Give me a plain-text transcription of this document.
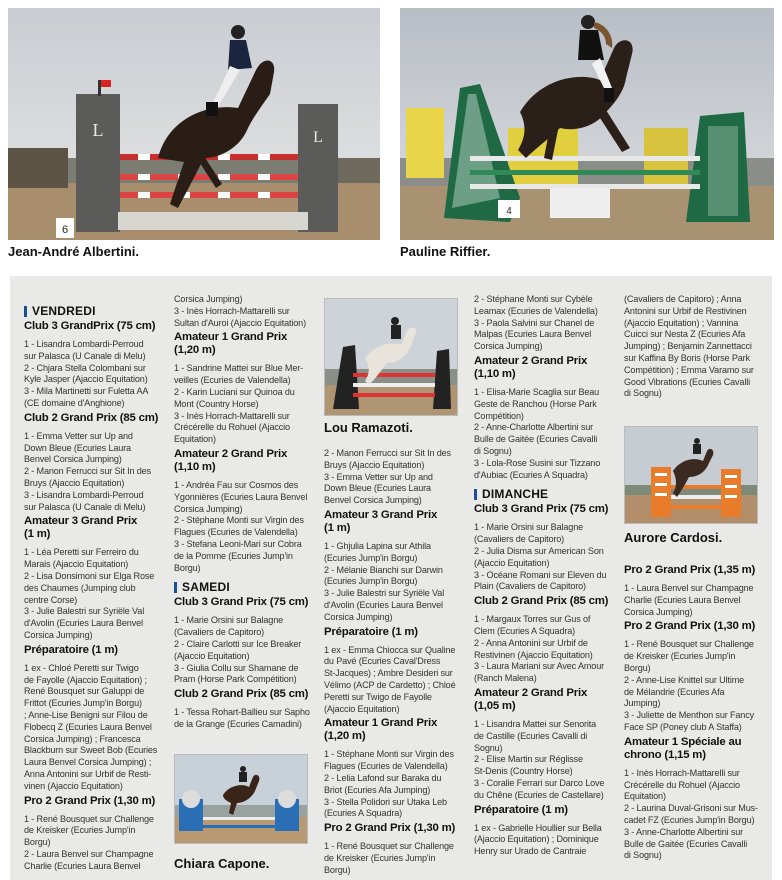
L	L
6
Jean-André Albertini.
4
Pauline Riffier.
VENDREDI

Club 3 GrandPrix (75 cm)

1 - Lisandra Lombardi-Perroud

sur Palasca (U Canale di Melu)

2 - Chjara Stella Colombani sur

Kyle Jasper (Ajaccio Equitation)

3 - Mila Martinetti sur Fuletta AA

(CE domaine d'Anghione)

Club 2 Grand Prix (85 cm)

1 - Emma Vetter sur Up and

Down Bleue (Ecuries Laura

Benvel Corsica Jumping)

2 - Manon Ferrucci sur Sit In des

Bruys (Ajaccio Equitation)

3 - Lisandra Lombardi-Perroud

sur Palasca (U Canale di Melu)

Amateur 3 Grand Prix

(1 m)

1 - Léa Peretti sur Ferreiro du

Marais (Ajaccio Equitation)

2 - Lisa Donsimoni sur Elga Rose

des Chaumes (Jumping club

centre Corse)

3 - Julie Balestri sur Syriële Val

d'Avolin (Ecuries Laura Benvel

Corsica Jumping)

Préparatoire (1 m)

1 ex - Chloé Peretti sur Twigo

de Fayolle (Ajaccio Equitation) ;

René Bousquet sur Galuppi de

Frittot (Ecuries Jump'in Borgu)

; Anne-Lise Benigni sur Filou de

Flobecq Z (Ecuries Laura Benvel

Corsica Jumping) ; Francesca

Blackburn sur Sweet Bob (Ecuries

Laura Benvel Corsica Jumping) ;

Anna Antonini sur Urbif de Resti-

vinen (Ajaccio Equitation)

Pro 2 Grand Prix (1,30 m)

1 - René Bousquet sur Challenge

de Kreisker (Ecuries Jump'in Borgu)

2 - Laura Benvel sur Champagne

Charlie (Ecuries Laura Benvel

Corsica Jumping)

3 - Inès Horrach-Mattarelli sur

Sultan d'Auroi (Ajaccio Equitation)

Amateur 1 Grand Prix

(1,20 m)

1 - Sandrine Mattei sur Blue Mer-

veilles (Ecuries de Valendella)

2 - Karin Luciani sur Quinoa du

Mont (Country Horse)

3 - Inès Horrach-Mattarelli sur

Crécérelle du Rohuel (Ajaccio

Equitation)

Amateur 2 Grand Prix

(1,10 m)

1 - Andréa Fau sur Cosmos des

Ygonnières (Ecuries Laura Benvel

Corsica Jumping)

2 - Stéphane Monti sur Virgin des

Flagues (Ecuries de Valendella)

3 - Stefana Leoni-Mari sur Cobra

de la Pomme (Ecuries Jump'in

Borgu)

SAMEDI

Club 3 Grand Prix (75 cm)

1 - Marie Orsini sur Balagne

(Cavaliers de Capitoro)

2 - Claire Carlotti sur Ice Breaker

(Ajaccio Equitation)

3 - Giulia Collu sur Shamane de

Pram (Horse Park Compétition)

Club 2 Grand Prix (85 cm)

1 - Tessa Rohart-Ballieu sur Sapho

de la Grange (Ecuries Camadini)

Chiara Capone.
Lou Ramazoti.

2 - Manon Ferrucci sur Sit In des

Bruys (Ajaccio Equitation)

3 - Emma Vetter sur Up and

Down Bleue (Ecuries Laura

Benvel Corsica Jumping)

Amateur 3 Grand Prix

(1 m)

1 - Ghjulia Lapina sur Athila

(Ecuries Jump'in Borgu)

2 - Mélanie Bianchi sur Darwin

(Ecuries Jump'in Borgu)

3 - Julie Balestri sur Syriële Val

d'Avolin (Ecuries Laura Benvel

Corsica Jumping)

Préparatoire (1 m)

1 ex - Emma Chiocca sur Qualine

du Pavé (Ecuries Caval'Dress

St-Jacques) ; Ambre Desideri sur

Vélimo (ACP de Cardetto) ; Chloé

Peretti sur Twigo de Fayolle

(Ajaccio Equitation)

Amateur 1 Grand Prix

(1,20 m)

1 - Stéphane Monti sur Virgin des

Flagues (Ecuries de Valendella)

2 - Lelia Lafond sur Baraka du

Briot (Ecuries Afa Jumping)

3 - Stella Polidori sur Utaka Leb

(Ecuries A Squadra)

Pro 2 Grand Prix (1,30 m)

1 - René Bousquet sur Challenge

de Kreisker (Ecuries Jump'in Borgu)

2 - Stéphane Monti sur Cybèle

Leamax (Ecuries de Valendella)

3 - Paola Salvini sur Chanel de

Malpas (Ecuries Laura Benvel

Corsica Jumping)

Amateur 2 Grand Prix

(1,10 m)

1 - Elisa-Marie Scaglia sur Beau

Geste de Ranchou (Horse Park

Compétition)

2 - Anne-Charlotte Albertini sur

Bulle de Gaitée (Ecuries Cavalli

di Sognu)

3 - Lola-Rose Susini sur Tizzano

d'Aubiac (Ecuries A Squadra)

DIMANCHE

Club 3 Grand Prix (75 cm)

1 - Marie Orsini sur Balagne

(Cavaliers de Capitoro)

2 - Julia Disma sur American Son

(Ajaccio Equitation)

3 - Océane Romani sur Eleven du

Plain (Cavaliers de Capitoro)

Club 2 Grand Prix (85 cm)

1 - Margaux Torres sur Gus of

Clem (Ecuries A Squadra)

2 - Anna Antonini sur Urbif de

Restivinen (Ajaccio Equitation)

3 - Laura Mariani sur Avec Amour

(Ranch Malena)

Amateur 2 Grand Prix

(1,05 m)

1 - Lisandra Mattei sur Senorita

de Castille (Ecuries Cavalli di

Sognu)

2 - Elise Martin sur Réglisse

St-Denis (Country Horse)

3 - Coralie Ferrari sur Darco Love

du Chêne (Ecuries de Castellare)

Préparatoire (1 m)

1 ex - Gabrielle Houllier sur Bella

(Ajaccio Equitation) ; Dominique

Henry sur Urado de Cantraie

(Cavaliers de Capitoro) ; Anna

Antonini sur Urbif de Restivinen

(Ajaccio Equitation) ; Vannina

Cuicci sur Nesta Z (Ecuries Afa

Jumping) ; Benjamin Zannettacci

sur Kaffina By Boris (Horse Park

Compétition) ; Emma Varamo sur

Good Vibrations (Ecuries Cavalli

di Sognu)

Aurore Cardosi.

Pro 2 Grand Prix (1,35 m)

1 - Laura Benvel sur Champagne

Charlie (Ecuries Laura Benvel

Corsica Jumping)

Pro 2 Grand Prix (1,30 m)

1 - René Bousquet sur Challenge

de Kreisker (Ecuries Jump'in

Borgu)

2 - Anne-Lise Knittel sur Ultime

de Mélandrie (Ecuries Afa

Jumping)

3 - Juliette de Menthon sur Fancy

Face SP (Poney club A Staffa)

Amateur 1 Spéciale au

chrono (1,15 m)

1 - Inès Horrach-Mattarelli sur

Crécérelle du Rohuel (Ajaccio

Equitation)

2 - Laurina Duval-Grisoni sur Mus-

cadet FZ (Ecuries Jump'in Borgu)

3 - Anne-Charlotte Albertini sur

Bulle de Gaitée (Ecuries Cavalli

di Sognu)
